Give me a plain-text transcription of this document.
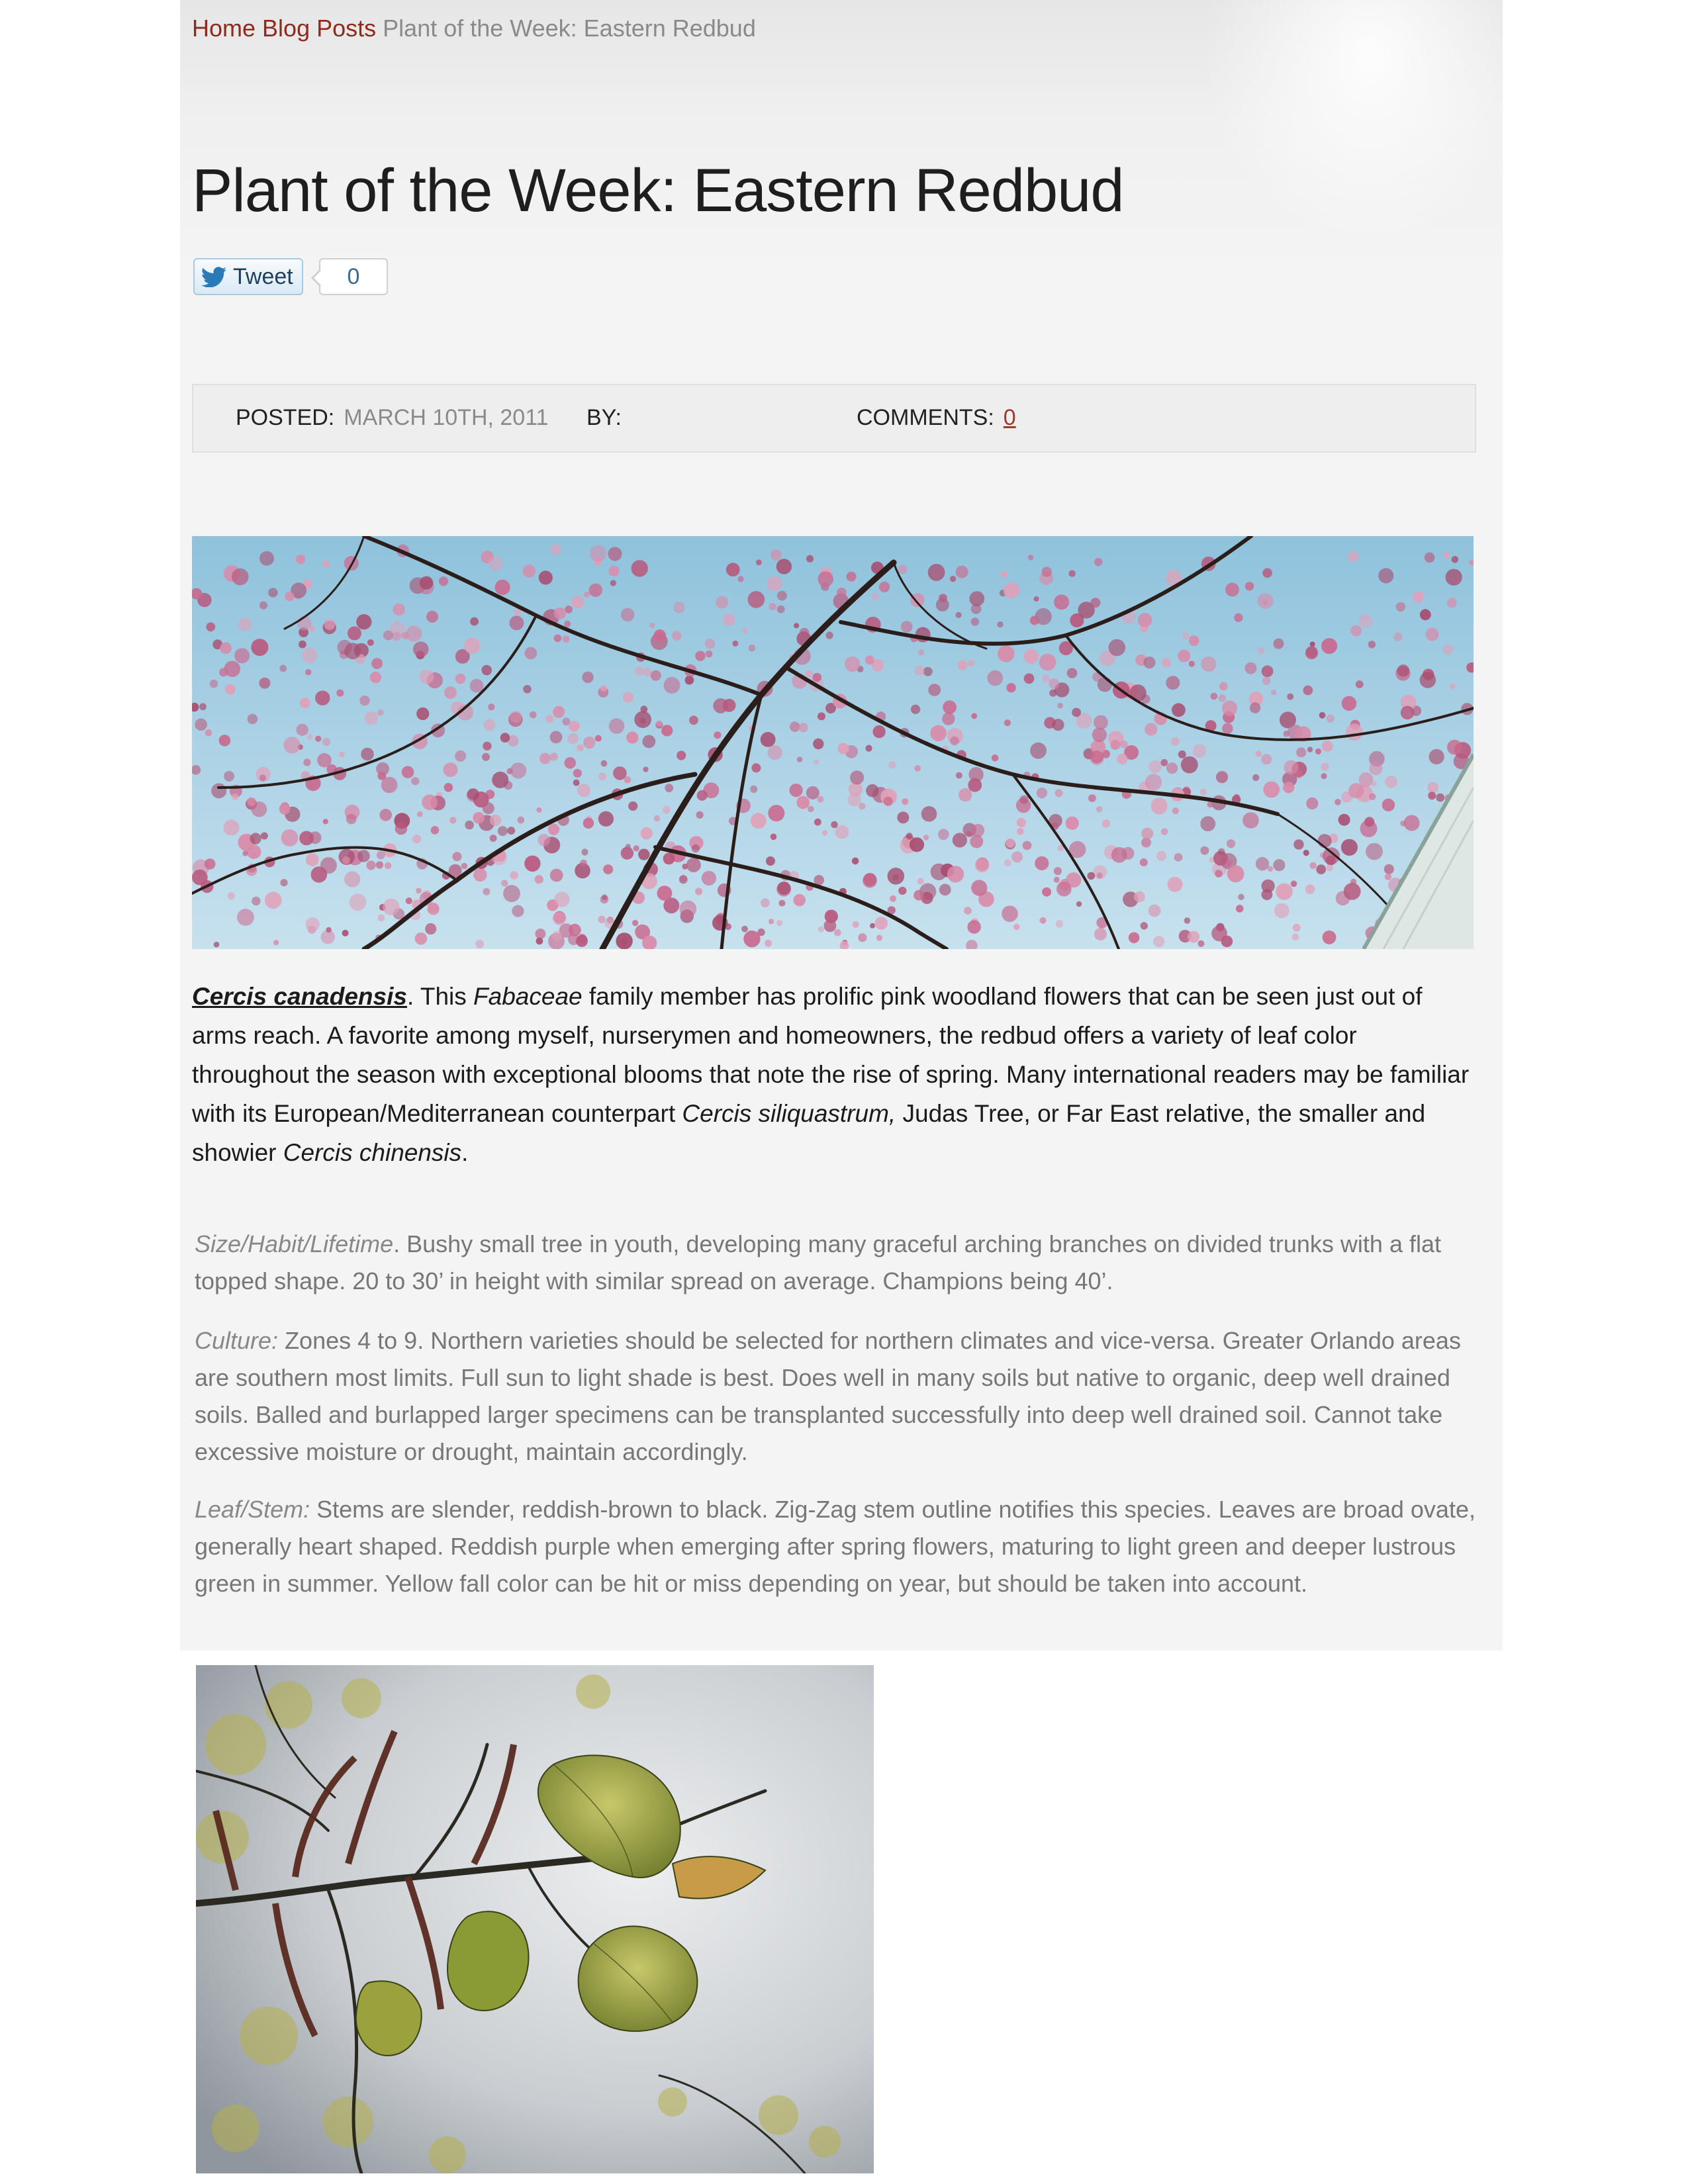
Home Blog Posts Plant of the Week: Eastern Redbud
Plant of the Week: Eastern Redbud
Tweet	0
POSTED: MARCH 10TH, 2011 BY:	COMMENTS: 0

Cercis canadensis. This Fabaceae family member has prolific pink woodland flowers that can be seen just out of arms reach. A favorite among myself, nurserymen and homeowners, the redbud offers a variety of leaf color throughout the season with exceptional blooms that note the rise of spring. Many international readers may be familiar with its European/Mediterranean counterpart Cercis siliquastrum, Judas Tree, or Far East relative, the smaller and showier Cercis chinensis.

Size/Habit/Lifetime. Bushy small tree in youth, developing many graceful arching branches on divided trunks with a flat topped shape. 20 to 30’ in height with similar spread on average. Champions being 40’.

Culture: Zones 4 to 9. Northern varieties should be selected for northern climates and vice-versa. Greater Orlando areas are southern most limits. Full sun to light shade is best. Does well in many soils but native to organic, deep well drained soils. Balled and burlapped larger specimens can be transplanted successfully into deep well drained soil. Cannot take excessive moisture or drought, maintain accordingly.

Leaf/Stem: Stems are slender, reddish-brown to black. Zig-Zag stem outline notifies this species. Leaves are broad ovate, generally heart shaped. Reddish purple when emerging after spring flowers, maturing to light green and deeper lustrous green in summer. Yellow fall color can be hit or miss depending on year, but should be taken into account.
